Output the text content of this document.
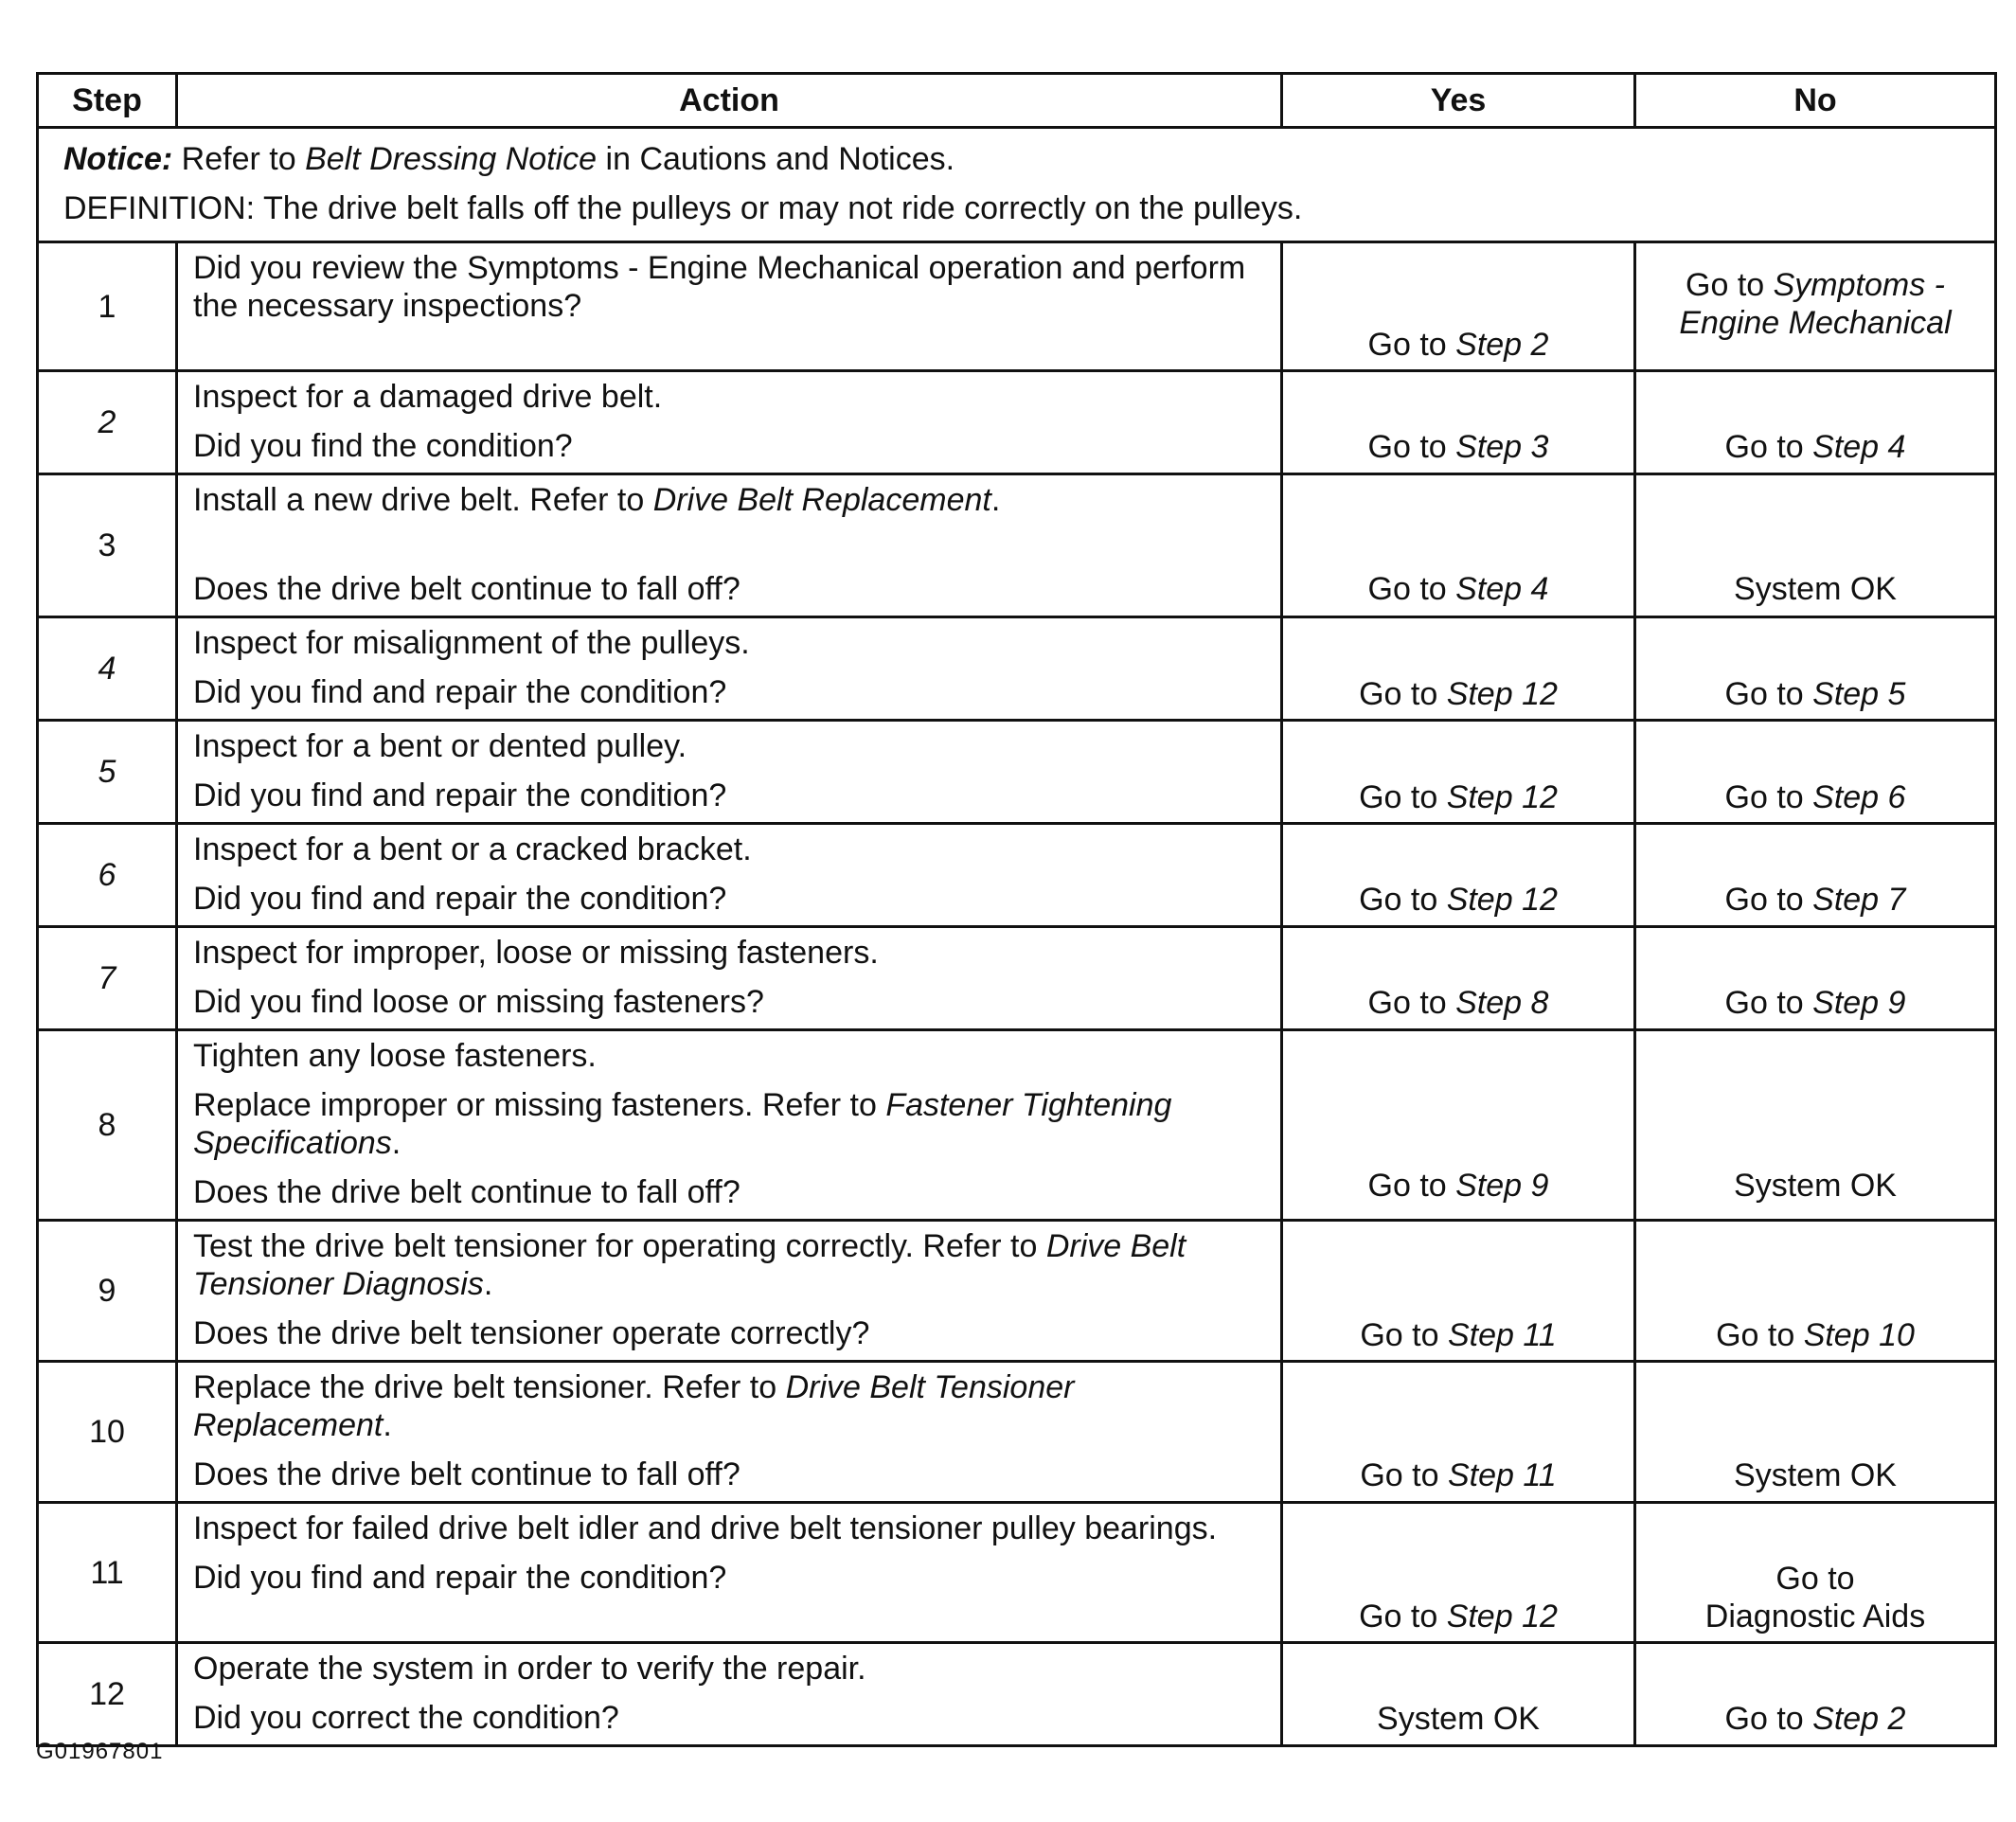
Step	Action	Yes	No

Notice: Refer to Belt Dressing Notice in Cautions and Notices.

DEFINITION: The drive belt falls off the pulleys or may not ride correctly on the pulleys.			

1	Did you review the Symptoms - Engine Mechanical operation and perform the necessary inspections?	Go to Step 2	Go to Symptoms - Engine Mechanical

2	Inspect for a damaged drive belt.
Did you find the condition?	Go to Step 3	Go to Step 4

3	Install a new drive belt. Refer to Drive Belt Replacement.
Does the drive belt continue to fall off?	Go to Step 4	System OK

4	Inspect for misalignment of the pulleys.
Did you find and repair the condition?	Go to Step 12	Go to Step 5

5	Inspect for a bent or dented pulley.
Did you find and repair the condition?	Go to Step 12	Go to Step 6

6	Inspect for a bent or a cracked bracket.
Did you find and repair the condition?	Go to Step 12	Go to Step 7

7	Inspect for improper, loose or missing fasteners.
Did you find loose or missing fasteners?	Go to Step 8	Go to Step 9

8	Tighten any loose fasteners.
Replace improper or missing fasteners. Refer to Fastener Tightening Specifications.
Does the drive belt continue to fall off?	Go to Step 9	System OK

9	Test the drive belt tensioner for operating correctly. Refer to Drive Belt Tensioner Diagnosis.
Does the drive belt tensioner operate correctly?	Go to Step 11	Go to Step 10

10	Replace the drive belt tensioner. Refer to Drive Belt Tensioner Replacement.
Does the drive belt continue to fall off?	Go to Step 11	System OK

11	Inspect for failed drive belt idler and drive belt tensioner pulley bearings.
Did you find and repair the condition?	Go to Step 12	Go to
Diagnostic Aids

12	Operate the system in order to verify the repair.
Did you correct the condition?	System OK	Go to Step 2
G01967801
